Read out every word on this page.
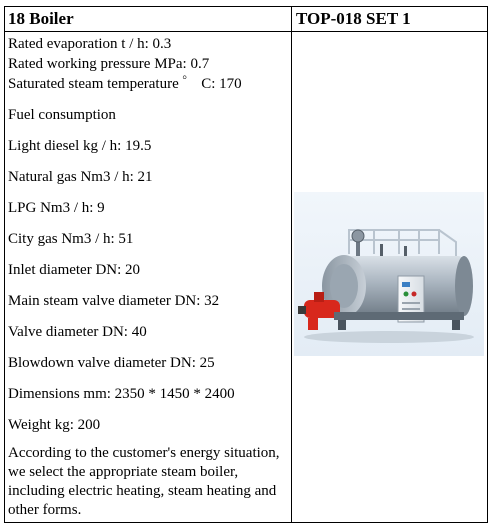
18 Boiler	TOP-018 SET 1
Rated evaporation t / h: 0.3
Rated working pressure MPa: 0.7
Saturated steam temperature ゜ C: 170
Fuel consumption
Light diesel kg / h: 19.5
Natural gas Nm3 / h: 21
LPG Nm3 / h: 9
City gas Nm3 / h: 51
Inlet diameter DN: 20
Main steam valve diameter DN: 32
Valve diameter DN: 40
Blowdown valve diameter DN: 25
Dimensions mm: 2350 * 1450 * 2400
Weight kg: 200
According to the customer's energy situation, we select the appropriate steam boiler, including electric heating, steam heating and other forms.
